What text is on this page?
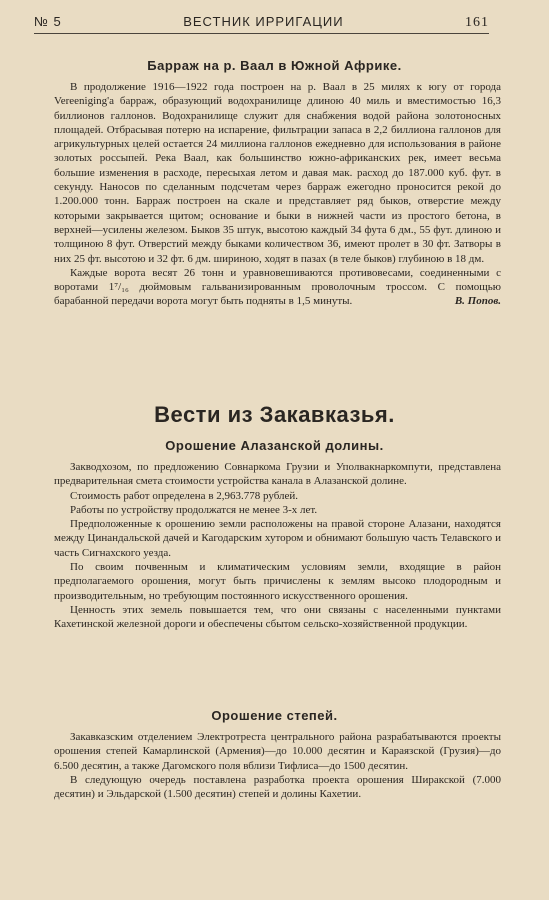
№ 5	ВЕСТНИК ИРРИГАЦИИ	161
Барраж на р. Ваал в Южной Африке.

В продолжение 1916—1922 года построен на р. Ваал в 25 милях к югу от города Vereeniging'а барраж, образующий водохранилище длиною 40 миль и вместимостью 16,3 биллионов галлонов. Водохранилище служит для снабжения водой района золотоносных площадей. Отбрасывая потерю на испарение, фильтрации запаса в 2,2 биллиона галлонов для агрикультурных целей остается 24 миллиона галлонов ежедневно для использования в районе золотых россыпей. Река Ваал, как большинство южно-африканских рек, имеет весьма большие изменения в расходе, пересыхая летом и давая мак. расход до 187.000 куб. фут. в секунду. Наносов по сделанным подсчетам через барраж ежегодно проносится рекой до 1.200.000 тонн. Барраж построен на скале и представляет ряд быков, отверстие между которыми закрывается щитом; основание и быки в нижней части из простого бетона, в верхней—усилены железом. Быков 35 штук, высотою каждый 34 фута 6 дм., 55 фут. длиною и толщиною 8 фут. Отверстий между быками количеством 36, имеют пролет в 30 фт. Затворы в них 25 фт. высотою и 32 фт. 6 дм. шириною, ходят в пазах (в теле быков) глубиною в 18 дм.

Каждые ворота весят 26 тонн и уравновешиваются противовесами, соединенными с воротами 1⁷/₁₆ дюймовым гальванизированным проволочным троссом. С помощью барабанной передачи ворота могут быть подняты в 1,5 минуты.	В. Попов.
Вести из Закавказья.
Орошение Алазанской долины.

Закводхозом, по предложению Совнаркома Грузии и Уполвакнаркомпути, представлена предварительная смета стоимости устройства канала в Алазанской долине.

Стоимость работ определена в 2,963.778 рублей.

Работы по устройству продолжатся не менее 3-х лет.

Предположенные к орошению земли расположены на правой стороне Алазани, находятся между Цинандальской дачей и Кагодарским хутором и обнимают большую часть Телавского и часть Сигнахского уезда.

По своим почвенным и климатическим условиям земли, входящие в район предполагаемого орошения, могут быть причислены к землям высоко плодородным и производительным, но требующим постоянного искусственного орошения.

Ценность этих земель повышается тем, что они связаны с населенными пунктами Кахетинской железной дороги и обеспечены сбытом сельско-хозяйственной продукции.

Орошение степей.

Закавказским отделением Электротреста центрального района разрабатываются проекты орошения степей Камарлинской (Армения)—до 10.000 десятин и Караязской (Грузия)—до 6.500 десятин, а также Дагомского поля вблизи Тифлиса—до 1500 десятин.

В следующую очередь поставлена разработка проекта орошения Ширакской (7.000 десятин) и Эльдарской (1.500 десятин) степей и долины Кахетии.
